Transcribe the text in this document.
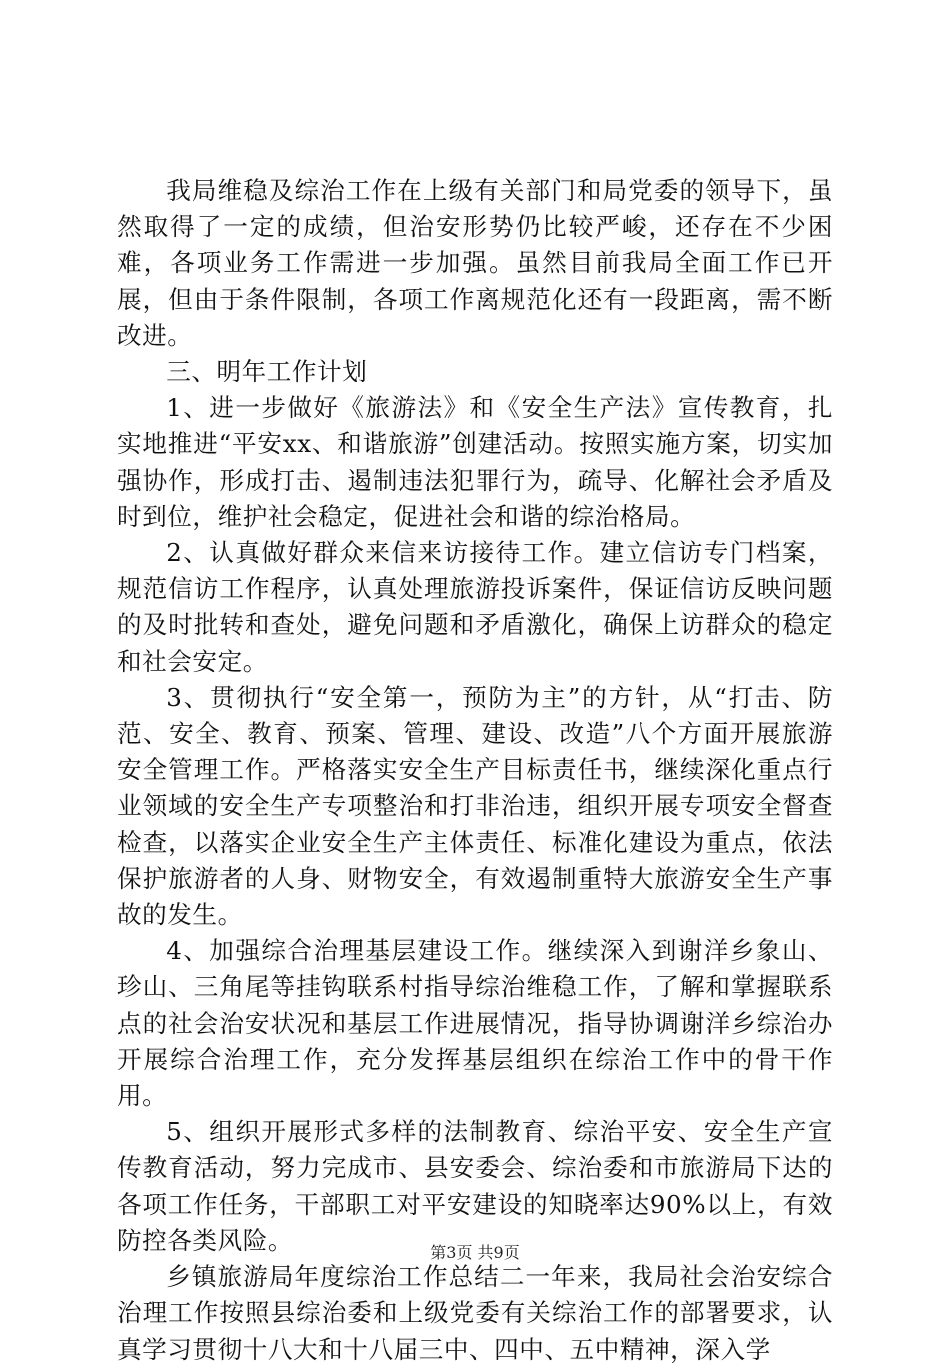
我局维稳及综治工作在上级有关部门和局党委的领导下，虽然取得了一定的成绩，但治安形势仍比较严峻，还存在不少困难，各项业务工作需进一步加强。虽然目前我局全面工作已开展，但由于条件限制，各项工作离规范化还有一段距离，需不断改进。

三、明年工作计划

1、进一步做好《旅游法》和《安全生产法》宣传教育，扎实地推进“平安xx、和谐旅游”创建活动。按照实施方案，切实加强协作，形成打击、遏制违法犯罪行为，疏导、化解社会矛盾及时到位，维护社会稳定，促进社会和谐的综治格局。

2、认真做好群众来信来访接待工作。建立信访专门档案，规范信访工作程序，认真处理旅游投诉案件，保证信访反映问题的及时批转和查处，避免问题和矛盾激化，确保上访群众的稳定和社会安定。

3、贯彻执行“安全第一，预防为主”的方针，从“打击、防范、安全、教育、预案、管理、建设、改造”八个方面开展旅游安全管理工作。严格落实安全生产目标责任书，继续深化重点行业领域的安全生产专项整治和打非治违，组织开展专项安全督查检查，以落实企业安全生产主体责任、标准化建设为重点，依法保护旅游者的人身、财物安全，有效遏制重特大旅游安全生产事故的发生。

4、加强综合治理基层建设工作。继续深入到谢洋乡象山、珍山、三角尾等挂钩联系村指导综治维稳工作，了解和掌握联系点的社会治安状况和基层工作进展情况，指导协调谢洋乡综治办开展综合治理工作，充分发挥基层组织在综治工作中的骨干作用。

5、组织开展形式多样的法制教育、综治平安、安全生产宣传教育活动，努力完成市、县安委会、综治委和市旅游局下达的各项工作任务，干部职工对平安建设的知晓率达90%以上，有效防控各类风险。

乡镇旅游局年度综治工作总结二一年来，我局社会治安综合治理工作按照县综治委和上级党委有关综治工作的部署要求，认真学习贯彻十八大和十八届三中、四中、五中精神，深入学

第3页 共9页
